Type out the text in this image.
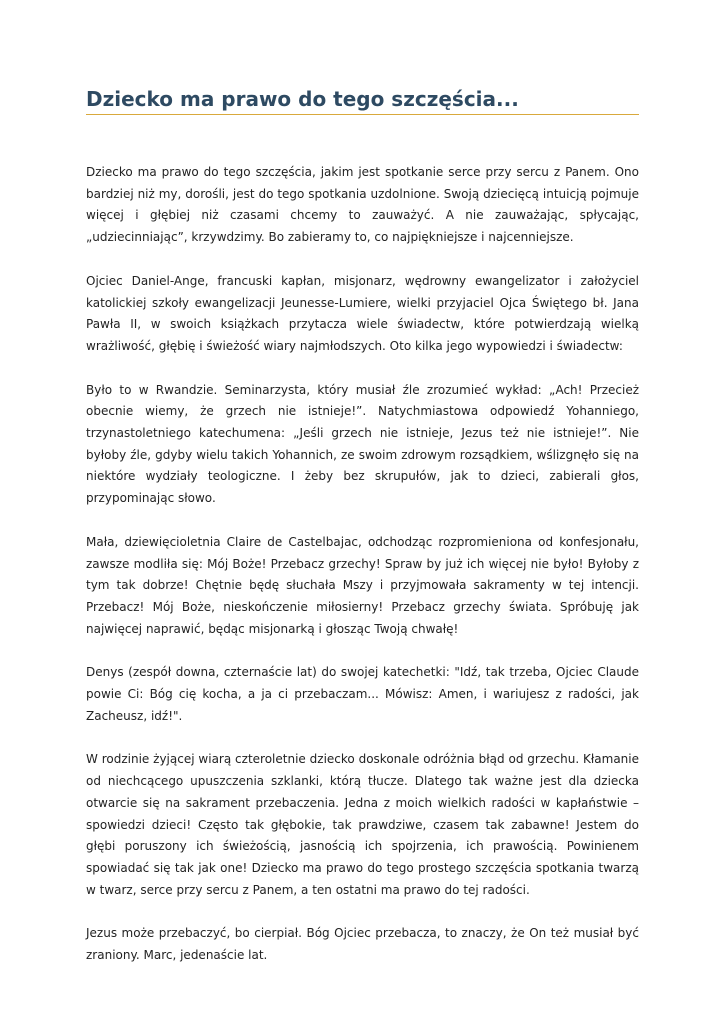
Dziecko ma prawo do tego szczęścia...

Dziecko ma prawo do tego szczęścia, jakim jest spotkanie serce przy sercu z Panem. Ono bardziej niż my, dorośli, jest do tego spotkania uzdolnione. Swoją dziecięcą intuicją pojmuje więcej i głębiej niż czasami chcemy to zauważyć. A nie zauważając, spłycając, „udziecinniając”, krzywdzimy. Bo zabieramy to, co najpiękniejsze i najcenniejsze.

Ojciec Daniel-Ange, francuski kapłan, misjonarz, wędrowny ewangelizator i założyciel katolickiej szkoły ewangelizacji Jeunesse-Lumiere, wielki przyjaciel Ojca Świętego bł. Jana Pawła II, w swoich książkach przytacza wiele świadectw, które potwierdzają wielką wrażliwość, głębię i świeżość wiary najmłodszych. Oto kilka jego wypowiedzi i świadectw:

Było to w Rwandzie. Seminarzysta, który musiał źle zrozumieć wykład: „Ach! Przecież obecnie wiemy, że grzech nie istnieje!”. Natychmiastowa odpowiedź Yohanniego, trzynastoletniego katechumena: „Jeśli grzech nie istnieje, Jezus też nie istnieje!”. Nie byłoby źle, gdyby wielu takich Yohannich, ze swoim zdrowym rozsądkiem, wślizgnęło się na niektóre wydziały teologiczne. I żeby bez skrupułów, jak to dzieci, zabierali głos, przypominając słowo.

Mała, dziewięcioletnia Claire de Castelbajac, odchodząc rozpromieniona od konfesjonału, zawsze modliła się: Mój Boże! Przebacz grzechy! Spraw by już ich więcej nie było! Byłoby z tym tak dobrze! Chętnie będę słuchała Mszy i przyjmowała sakramenty w tej intencji. Przebacz! Mój Boże, nieskończenie miłosierny! Przebacz grzechy świata. Spróbuję jak najwięcej naprawić, będąc misjonarką i głosząc Twoją chwałę!

Denys (zespół downa, czternaście lat) do swojej katechetki: "Idź, tak trzeba, Ojciec Claude powie Ci: Bóg cię kocha, a ja ci przebaczam... Mówisz: Amen, i wariujesz z radości, jak Zacheusz, idź!".

W rodzinie żyjącej wiarą czteroletnie dziecko doskonale odróżnia błąd od grzechu. Kłamanie od niechcącego upuszczenia szklanki, którą tłucze. Dlatego tak ważne jest dla dziecka otwarcie się na sakrament przebaczenia. Jedna z moich wielkich radości w kapłaństwie – spowiedzi dzieci! Często tak głębokie, tak prawdziwe, czasem tak zabawne! Jestem do głębi poruszony ich świeżością, jasnością ich spojrzenia, ich prawością. Powinienem spowiadać się tak jak one! Dziecko ma prawo do tego prostego szczęścia spotkania twarzą w twarz, serce przy sercu z Panem, a ten ostatni ma prawo do tej radości.

Jezus może przebaczyć, bo cierpiał. Bóg Ojciec przebacza, to znaczy, że On też musiał być zraniony. Marc, jedenaście lat.
